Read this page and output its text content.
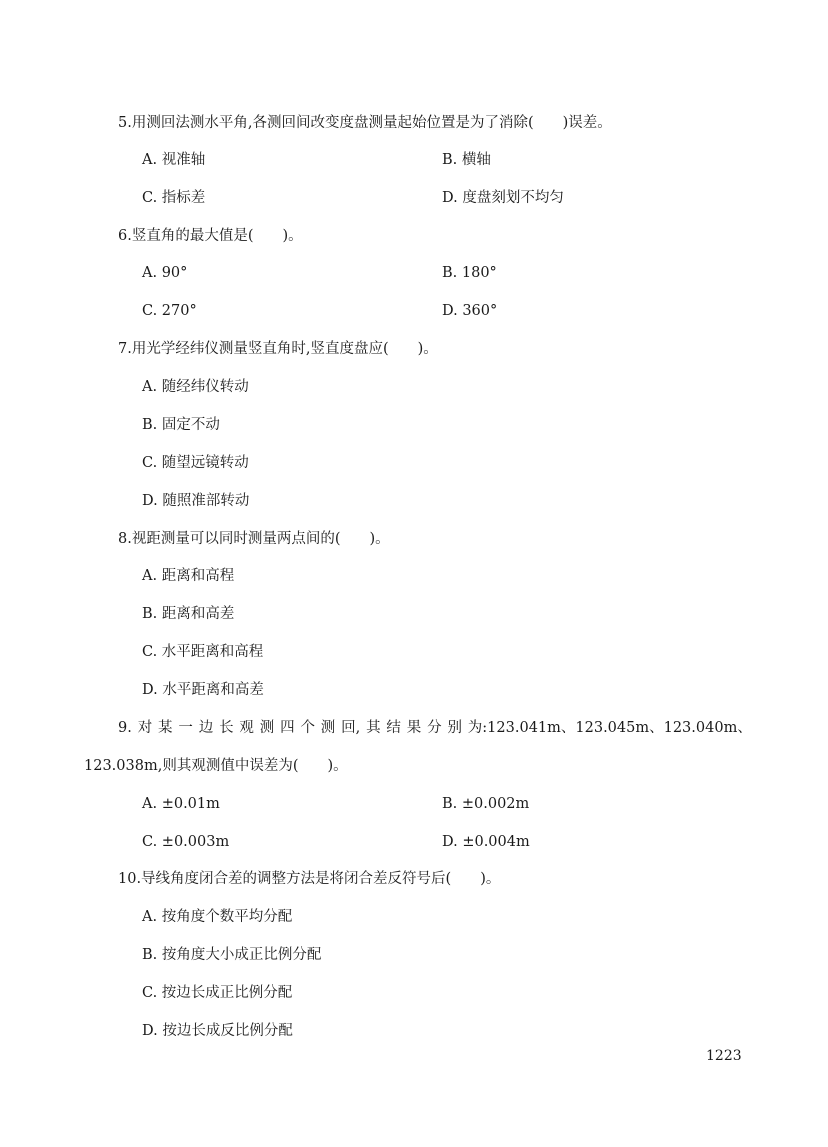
5.用测回法测水平角,各测回间改变度盘测量起始位置是为了消除(　　)误差。
A. 视准轴	B. 横轴
C. 指标差	D. 度盘刻划不均匀
6.竖直角的最大值是(　　)。
A. 90°	B. 180°
C. 270°	D. 360°
7.用光学经纬仪测量竖直角时,竖直度盘应(　　)。
A. 随经纬仪转动
B. 固定不动
C. 随望远镜转动
D. 随照准部转动
8.视距测量可以同时测量两点间的(　　)。
A. 距离和高程
B. 距离和高差
C. 水平距离和高程
D. 水平距离和高差
9. 对 某 一 边 长 观 测 四 个 测 回, 其 结 果 分 别 为:123.041m、123.045m、123.040m、
123.038m,则其观测值中误差为(　　)。
A. ±0.01m	B. ±0.002m
C. ±0.003m	D. ±0.004m
10.导线角度闭合差的调整方法是将闭合差反符号后(　　)。
A. 按角度个数平均分配
B. 按角度大小成正比例分配
C. 按边长成正比例分配
D. 按边长成反比例分配
1223
